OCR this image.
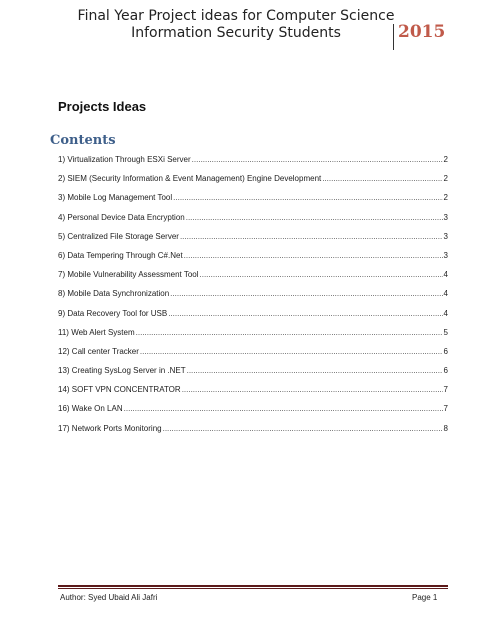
Final Year Project ideas for Computer Science
Information Security Students	2015
Projects Ideas
Contents
1) Virtualization Through ESXi Server .....	2
2) SIEM (Security Information & Event Management) Engine Development .....	2
3) Mobile Log Management Tool .....	2
4) Personal Device Data Encryption .....	3
5) Centralized File Storage Server .....	3
6) Data Tempering Through C#.Net .....	3
7) Mobile Vulnerability Assessment Tool .....	4
8) Mobile Data Synchronization .....	4
9) Data Recovery Tool for USB .....	4
11) Web Alert System .....	5
12) Call center Tracker .....	6
13) Creating SysLog Server in .NET .....	6
14) SOFT VPN CONCENTRATOR .....	7
16) Wake On LAN .....	7
17) Network Ports Monitoring .....	8
Author: Syed Ubaid Ali Jafri	Page 1
